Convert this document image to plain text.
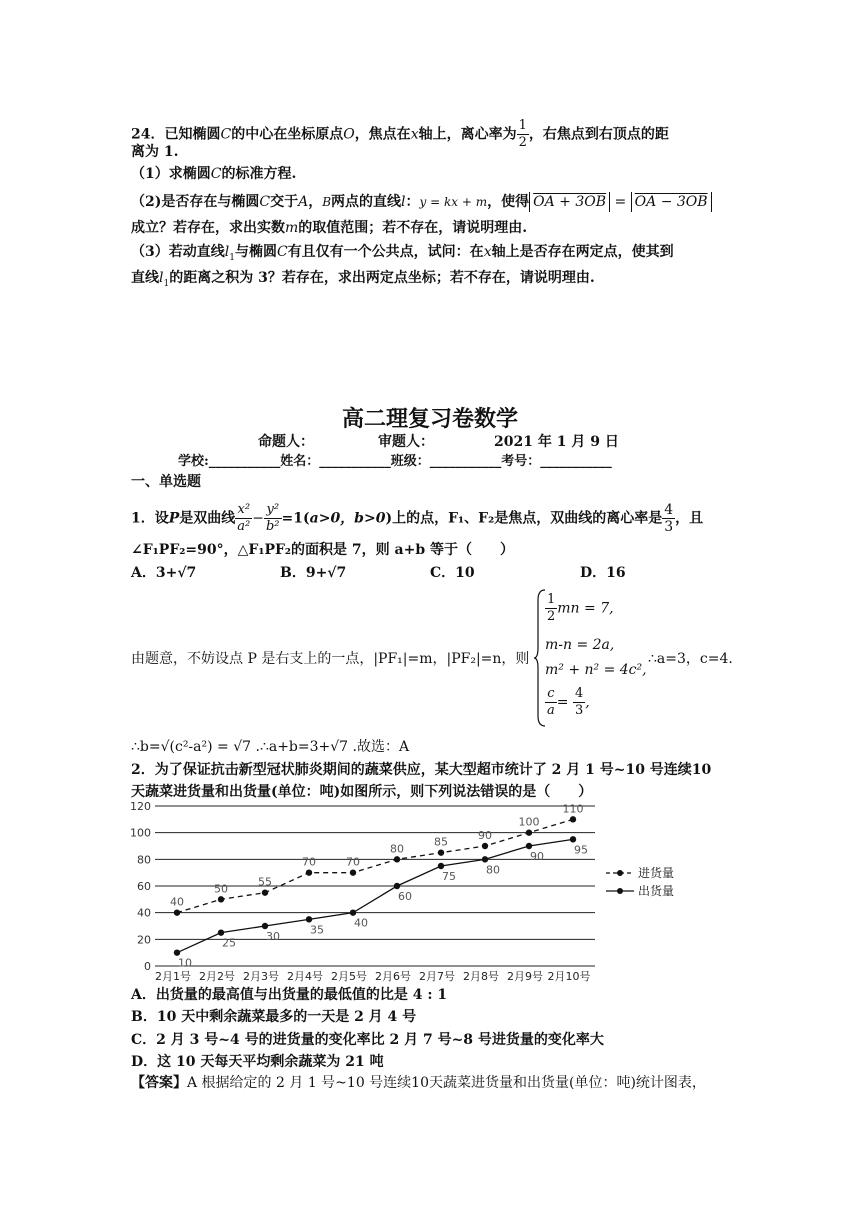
24．已知椭圆C的中心在坐标原点O，焦点在x轴上，离心率为 $\frac{1}{2}$ ，右焦点到右顶点的距
离为 1.
（1）求椭圆C的标准方程.
（2)是否存在与椭圆C交于A，B两点的直线l：y = kx + m，使得 OA + 3OB = OA − 3OB
成立？若存在，求出实数m的取值范围；若不存在，请说明理由.
（3）若动直线$l_1$与椭圆C有且仅有一个公共点，试问：在x轴上是否存在两定点，使其到
直线$l_1$的距离之积为 3？若存在，求出两定点坐标；若不存在，请说明理由.
高二理复习卷数学
命题人：	审题人：	2021 年 1 月 9 日
学校:___________姓名：___________班级：___________考号：___________
一、单选题
1．设P是双曲线 $\frac{\text{x²}}{\text{a²}} - \frac{\text{y²}}{\text{b²}} =1(a>0$，b>0)上的点，F₁、F₂是焦点，双曲线的离心率是 $\frac{4}{3}$ ，且
∠F₁PF₂=90°，△F₁PF₂的面积是 7，则 a+b 等于（　　）
A．3+√7	B．9+√7	C．10	D．16
由题意，不妨设点 P 是右支上的一点，|PF₁|=m，|PF₂|=n，则
$\frac{1}{2}$ mn = 7,
m-n = 2a,
m² + n² = 4c²,
$\frac{c}{a} = \frac{4}{3}$ ,
∴a=3，c=4.
∴b=√(c²-a²) = √7 .∴a+b=3+√7 .故选：A
2．为了保证抗击新型冠状肺炎期间的蔬菜供应，某大型超市统计了 2 月 1 号~10 号连续10
天蔬菜进货量和出货量(单位：吨)如图所示，则下列说法错误的是（　　）
0
20
40
60
80
100
120
2月1号 2月2号 2月3号 2月4号 2月5号 2月6号 2月7号 2月8号 2月9号 2月10号
40
50
55
70	70
80
85
90
100
110
10
25
30
35
40
60
75
80
90
95
进货量
出货量
A．出货量的最高值与出货量的最低值的比是 4 : 1
B．10 天中剩余蔬菜最多的一天是 2 月 4 号
C．2 月 3 号~4 号的进货量的变化率比 2 月 7 号~8 号进货量的变化率大
D．这 10 天每天平均剩余蔬菜为 21 吨
【答案】A 根据给定的 2 月 1 号~10 号连续10天蔬菜进货量和出货量(单位：吨)统计图表，
